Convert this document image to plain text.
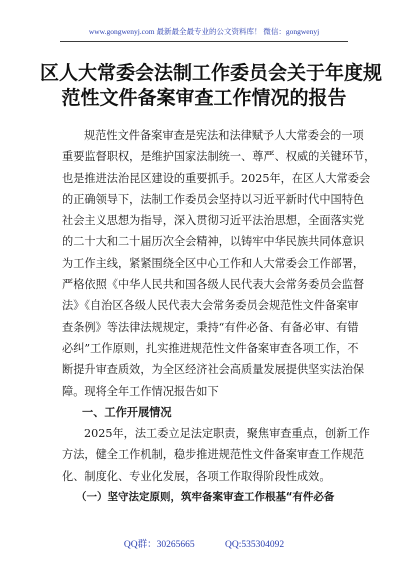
www.gongwenyj.com 最新最全最专业的公文资料库！ 微信：gongwenyj
区人大常委会法制工作委员会关于年度规
范性文件备案审查工作情况的报告
规范性文件备案审查是宪法和法律赋予人大常委会的一项
重要监督职权，是维护国家法制统一、尊严、权威的关键环节，
也是推进法治昆区建设的重要抓手。2025年，在区人大常委会
的正确领导下，法制工作委员会坚持以习近平新时代中国特色
社会主义思想为指导，深入贯彻习近平法治思想，全面落实党
的二十大和二十届历次全会精神，以铸牢中华民族共同体意识
为工作主线，紧紧围绕全区中心工作和人大常委会工作部署，
严格依照《中华人民共和国各级人民代表大会常务委员会监督
法》《自治区各级人民代表大会常务委员会规范性文件备案审
查条例》等法律法规规定，秉持“有件必备、有备必审、有错
必纠”工作原则，扎实推进规范性文件备案审查各项工作，不
断提升审查质效，为全区经济社会高质量发展提供坚实法治保
障。现将全年工作情况报告如下
一、工作开展情况
2025年，法工委立足法定职责，聚焦审查重点，创新工作
方法，健全工作机制，稳步推进规范性文件备案审查工作规范
化、制度化、专业化发展，各项工作取得阶段性成效。
（一）坚守法定原则，筑牢备案审查工作根基“有件必备
QQ群：30265665	QQ:535304092
